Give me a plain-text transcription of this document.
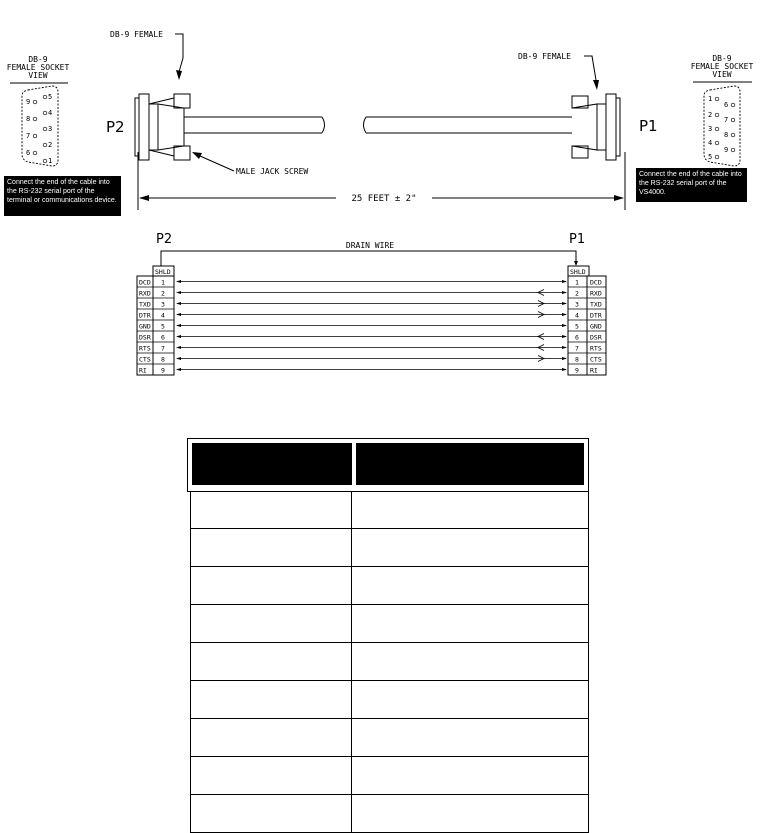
DB-9
FEMALE SOCKET
VIEW
9
8
7
6
5
4
3
2
1
DB-9
FEMALE SOCKET
VIEW
1
2
3
4
5
6
7
8
9
DB-9 FEMALE
P2
MALE JACK SCREW
DB-9 FEMALE
P1
25 FEET ± 2"
P2	P1
DRAIN WIRE
SHLD	SHLD
DCD 1	1 DCD
RXD 2	2 RXD
TXD 3	3 TXD
DTR 4	4 DTR
GND 5	5 GND
DSR 6	6 DSR
RTS 7	7 RTS
CTS 8	8 CTS
RI 9	9 RI
Connect the end of the cable into the RS-232 serial port of the terminal or communications device.
Connect the end of the cable into the RS-232 serial port of the VS4000.
